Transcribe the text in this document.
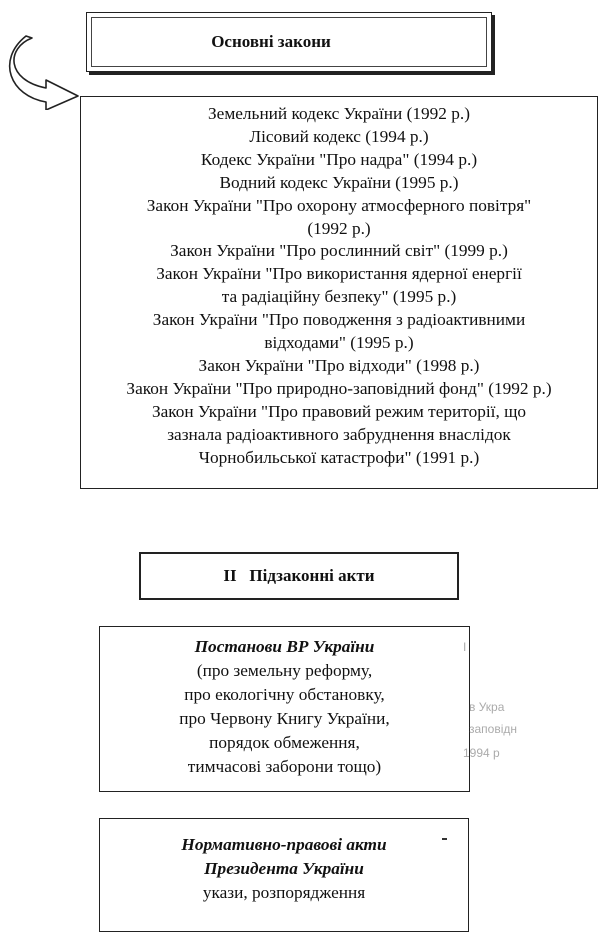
Основні закони
Земельний кодекс України (1992 р.)
Лісовий кодекс (1994 р.)
Кодекс України "Про надра" (1994 р.)
Водний кодекс України (1995 р.)
Закон України "Про охорону атмосферного повітря"
(1992 р.)
Закон України "Про рослинний світ" (1999 р.)
Закон України "Про використання ядерної енергії
та радіаційну безпеку" (1995 р.)
Закон України "Про поводження з радіоактивними
відходами" (1995 р.)
Закон України "Про відходи" (1998 р.)
Закон України "Про природно-заповідний фонд" (1992 р.)
Закон України "Про правовий режим території, що
зазнала радіоактивного забруднення внаслідок
Чорнобильської катастрофи" (1991 р.)
II   Підзаконні акти
Постанови ВР України
(про земельну реформу,
про екологічну обстановку,
про Червону Книгу України,
порядок обмеження,
тимчасові заборони тощо)
I
в Укра
заповідн
1994 р
Нормативно-правові акти
Президента України
укази, розпорядження
